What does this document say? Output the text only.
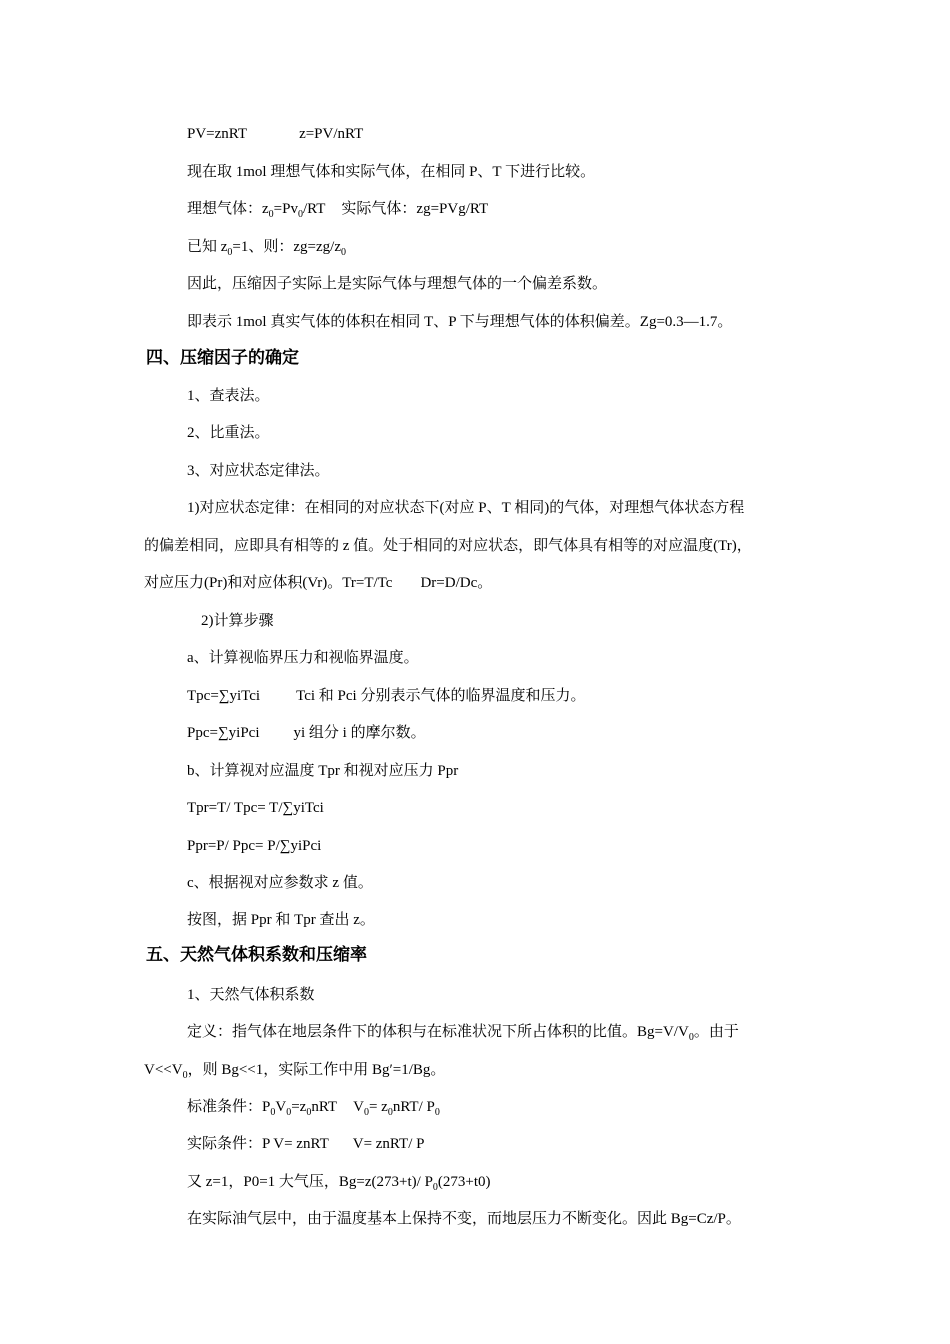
PV=znRT	z=PV/nRT
现在取 1mol 理想气体和实际气体，在相同 P、T 下进行比较。
理想气体：$z_0=Pv_0/RT$ 实际气体：zg=PVg/RT
已知 $z_0=1$、则：$zg=zg/z_0$
因此，压缩因子实际上是实际气体与理想气体的一个偏差系数。
即表示 1mol 真实气体的体积在相同 T、P 下与理想气体的体积偏差。Zg=0.3—1.7。
四、压缩因子的确定
1、查表法。
2、比重法。
3、对应状态定律法。
1)对应状态定律：在相同的对应状态下(对应 P、T 相同)的气体，对理想气体状态方程
的偏差相同，应即具有相等的 z 值。处于相同的对应状态，即气体具有相等的对应温度(Tr)，
对应压力(Pr)和对应体积(Vr)。Tr=T/Tc Dr=D/Dc。
2)计算步骤
a、计算视临界压力和视临界温度。
Tpc=∑yiTci Tci 和 Pci 分别表示气体的临界温度和压力。
Ppc=∑yiPci yi 组分 i 的摩尔数。
b、计算视对应温度 Tpr 和视对应压力 Ppr
Tpr=T/ Tpc= T/∑yiTci
Ppr=P/ Ppc= P/∑yiPci
c、根据视对应参数求 z 值。
按图，据 Ppr 和 Tpr 查出 z。
五、天然气体积系数和压缩率
1、天然气体积系数
定义：指气体在地层条件下的体积与在标准状况下所占体积的比值。$Bg=V/V_0$。由于
$V<<V_0$，则 Bg<<1，实际工作中用 Bg′=1/Bg。
标准条件：$P_0V_0=z_0nRT$ $V_0= z_0nRT/$ $P_0$
实际条件：P V= znRT V= znRT/ P
又 z=1，P0=1 大气压，Bg=z(273+t)/ $P_0(273+t0)$
在实际油气层中，由于温度基本上保持不变，而地层压力不断变化。因此 Bg=Cz/P。
